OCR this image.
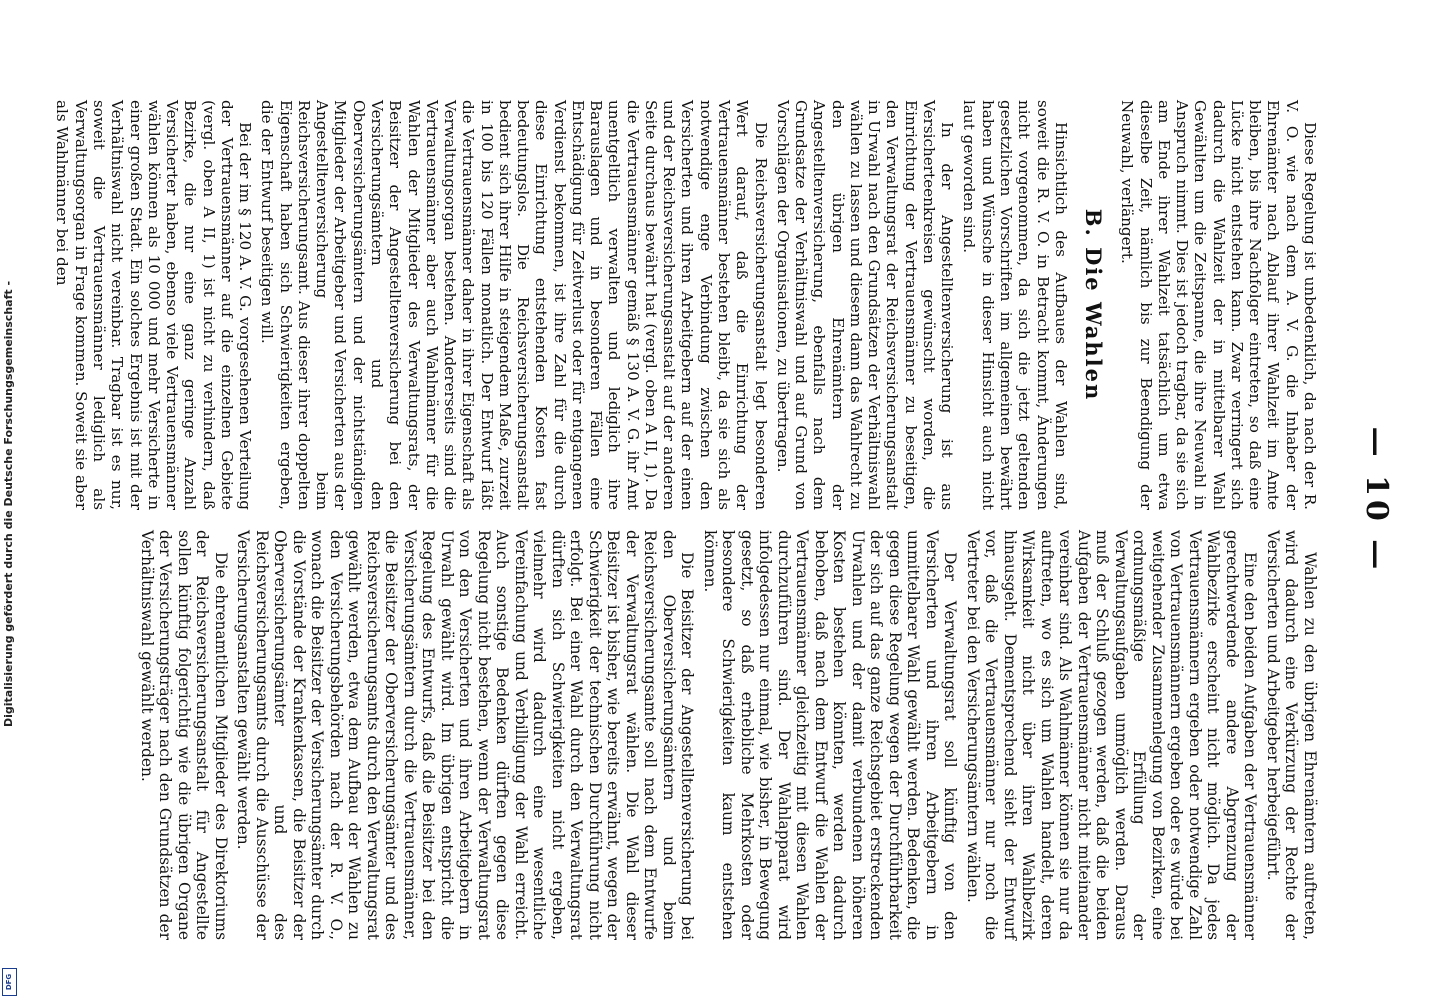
— 10 —

Diese Regelung ist unbedenklich, da nach der R. V. O. wie nach dem A. V. G. die Inhaber der Ehrenämter nach Ablauf ihrer Wahlzeit im Amte bleiben, bis ihre Nachfolger eintreten, so daß eine Lücke nicht entstehen kann. Zwar verringert sich dadurch die Wahlzeit der in mittelbarer Wahl Gewählten um die Zeitspanne, die ihre Neuwahl in Anspruch nimmt. Dies ist jedoch tragbar, da sie sich am Ende ihrer Wahlzeit tatsächlich um etwa dieselbe Zeit, nämlich bis zur Beendigung der Neuwahl, verlängert.

B. Die Wahlen

Hinsichtlich des Aufbaues der Wahlen sind, soweit die R. V. O. in Betracht kommt, Änderungen nicht vorgenommen, da sich die jetzt geltenden gesetzlichen Vorschriften im allgemeinen bewährt haben und Wünsche in dieser Hinsicht auch nicht laut geworden sind.

In der Angestelltenversicherung ist aus Versicherteenkreisen gewünscht worden, die Einrichtung der Vertrauensmänner zu beseitigen, den Verwaltungsrat der Reichsversicherungsanstalt in Urwahl nach den Grundsätzen der Verhältniswahl wählen zu lassen und diesem dann das Wahlrecht zu den übrigen Ehrenämtern der Angestelltenversicherung, ebenfalls nach dem Grundsatze der Verhältniswahl und auf Grund von Vorschlägen der Organisationen, zu übertragen.

Die Reichsversicherungsanstalt legt besonderen Wert darauf, daß die Einrichtung der Vertrauensmänner bestehen bleibt, da sie sich als notwendige enge Verbindung zwischen den Versicherten und ihren Arbeitgebern auf der einen und der Reichsversicherungsanstalt auf der anderen Seite durchaus bewährt hat (vergl. oben A II, 1). Da die Vertrauensmänner gemäß § 130 A. V. G. ihr Amt unentgeltlich verwalten und lediglich ihre Barauslagen und in besonderen Fällen eine Entschädigung für Zeitverlust oder für entgangenen Verdienst bekommen, ist ihre Zahl für die durch diese Einrichtung entstehenden Kosten fast bedeutungslos. Die Reichsversicherungsanstalt bedient sich ihrer Hilfe in steigendem Maße, zurzeit in 100 bis 120 Fällen monatlich. Der Entwurf läßt die Vertrauensmänner daher in ihrer Eigenschaft als Verwaltungsorgan bestehen. Andererseits sind die Vertrauensmänner aber auch Wahlmänner für die Wahlen der Mitglieder des Verwaltungsrats, der Beisitzer der Angestelltenversicherung bei den Versicherungsämtern und den Oberversicherungsämtern und der nichtständigen Mitglieder der Arbeitgeber und Versicherten aus der Angestelltenversicherung beim Reichsversicherungsamt. Aus dieser ihrer doppelten Eigenschaft haben sich Schwierigkeiten ergeben, die der Entwurf beseitigen will.

Bei der im § 120 A. V. G. vorgesehenen Verteilung der Vertrauensmänner auf die einzelnen Gebiete (vergl. oben A II, 1) ist nicht zu verhindern, daß Bezirke, die nur eine ganz geringe Anzahl Versicherter haben, ebenso viele Vertrauensmänner wählen können als 10 000 und mehr Versicherte in einer großen Stadt. Ein solches Ergebnis ist mit der Verhältniswahl nicht vereinbar. Tragbar ist es nur, soweit die Vertrauensmänner lediglich als Verwaltungsorgan in Frage kommen. Soweit sie aber als Wahlmänner bei den

Wahlen zu den übrigen Ehrenämtern auftreten, wird dadurch eine Verkürzung der Rechte der Versicherten und Arbeitgeber herbeigeführt.

Eine den beiden Aufgaben der Vertrauensmänner gerechtwerdende andere Abgrenzung der Wahlbezirke erscheint nicht möglich. Da jedes Vertrauensmännern ergeben oder notwendige Zahl von Vertrauensmännern ergeben oder es würde bei weitgehender Zusammenlegung von Bezirken, eine ordnungsmäßige Erfüllung der Verwaltungsaufgaben unmöglich werden. Daraus muß der Schluß gezogen werden, daß die beiden Aufgaben der Vertrauensmänner nicht miteinander vereinbar sind. Als Wahlmänner können sie nur da auftreten, wo es sich um Wahlen handelt, deren Wirksamkeit nicht über ihren Wahlbezirk hinausgeht. Dementsprechend sieht der Entwurf vor, daß die Vertrauensmänner nur noch die Vertreter bei den Versicherungsämtern wählen.

Der Verwaltungsrat soll künftig von den Versicherten und ihren Arbeitgebern in unmittelbarer Wahl gewählt werden. Bedenken, die gegen diese Regelung wegen der Durchführbarkeit der sich auf das ganze Reichsgebiet erstreckenden Urwahlen und der damit verbundenen höheren Kosten bestehen könnten, werden dadurch behoben, daß nach dem Entwurf die Wahlen der Vertrauensmänner gleichzeitig mit diesen Wahlen durchzuführen sind. Der Wahlapparat wird infolgedessen nur einmal, wie bisher, in Bewegung gesetzt, so daß erhebliche Mehrkosten oder besondere Schwierigkeiten kaum entstehen können.

Die Beisitzer der Angestelltenversicherung bei den Oberversicherungsämtern und beim Reichsversicherungsamte soll nach dem Entwurfe der Verwaltungsrat wählen. Die Wahl dieser Beisitzer ist bisher, wie bereits erwähnt, wegen der Schwierigkeit der technischen Durchführung nicht erfolgt. Bei einer Wahl durch den Verwaltungsrat dürften sich Schwierigkeiten nicht ergeben, vielmehr wird dadurch eine wesentliche Vereinfachung und Verbilligung der Wahl erreicht. Auch sonstige Bedenken dürften gegen diese Regelung nicht bestehen, wenn der Verwaltungsrat von den Versicherten und ihren Arbeitgebern in Urwahl gewählt wird. Im übrigen entspricht die Regelung des Entwurfs, daß die Beisitzer bei den Versicherungsämtern durch die Vertrauensmänner, die Beisitzer der Oberversicherungsämter und des Reichsversicherungsamts durch den Verwaltungsrat gewählt werden, etwa dem Aufbau der Wahlen zu den Versicherungsbehörden nach der R. V. O., wonach die Beisitzer der Versicherungsämter durch die Vorstände der Krankenkassen, die Beisitzer der Oberversicherungsämter und des Reichsversicherungsamts durch die Ausschüsse der Versicherungsanstalten gewählt werden.

Die ehrenamtlichen Mitglieder des Direktoriums der Reichsversicherungsanstalt für Angestellte sollen künftig folgerichtig wie die übrigen Organe der Versicherungsträger nach den Grundsätzen der Verhältniswahl gewählt werden.

Digitalisierung gefördert durch die Deutsche Forschungsgemeinschaft -
DFG
